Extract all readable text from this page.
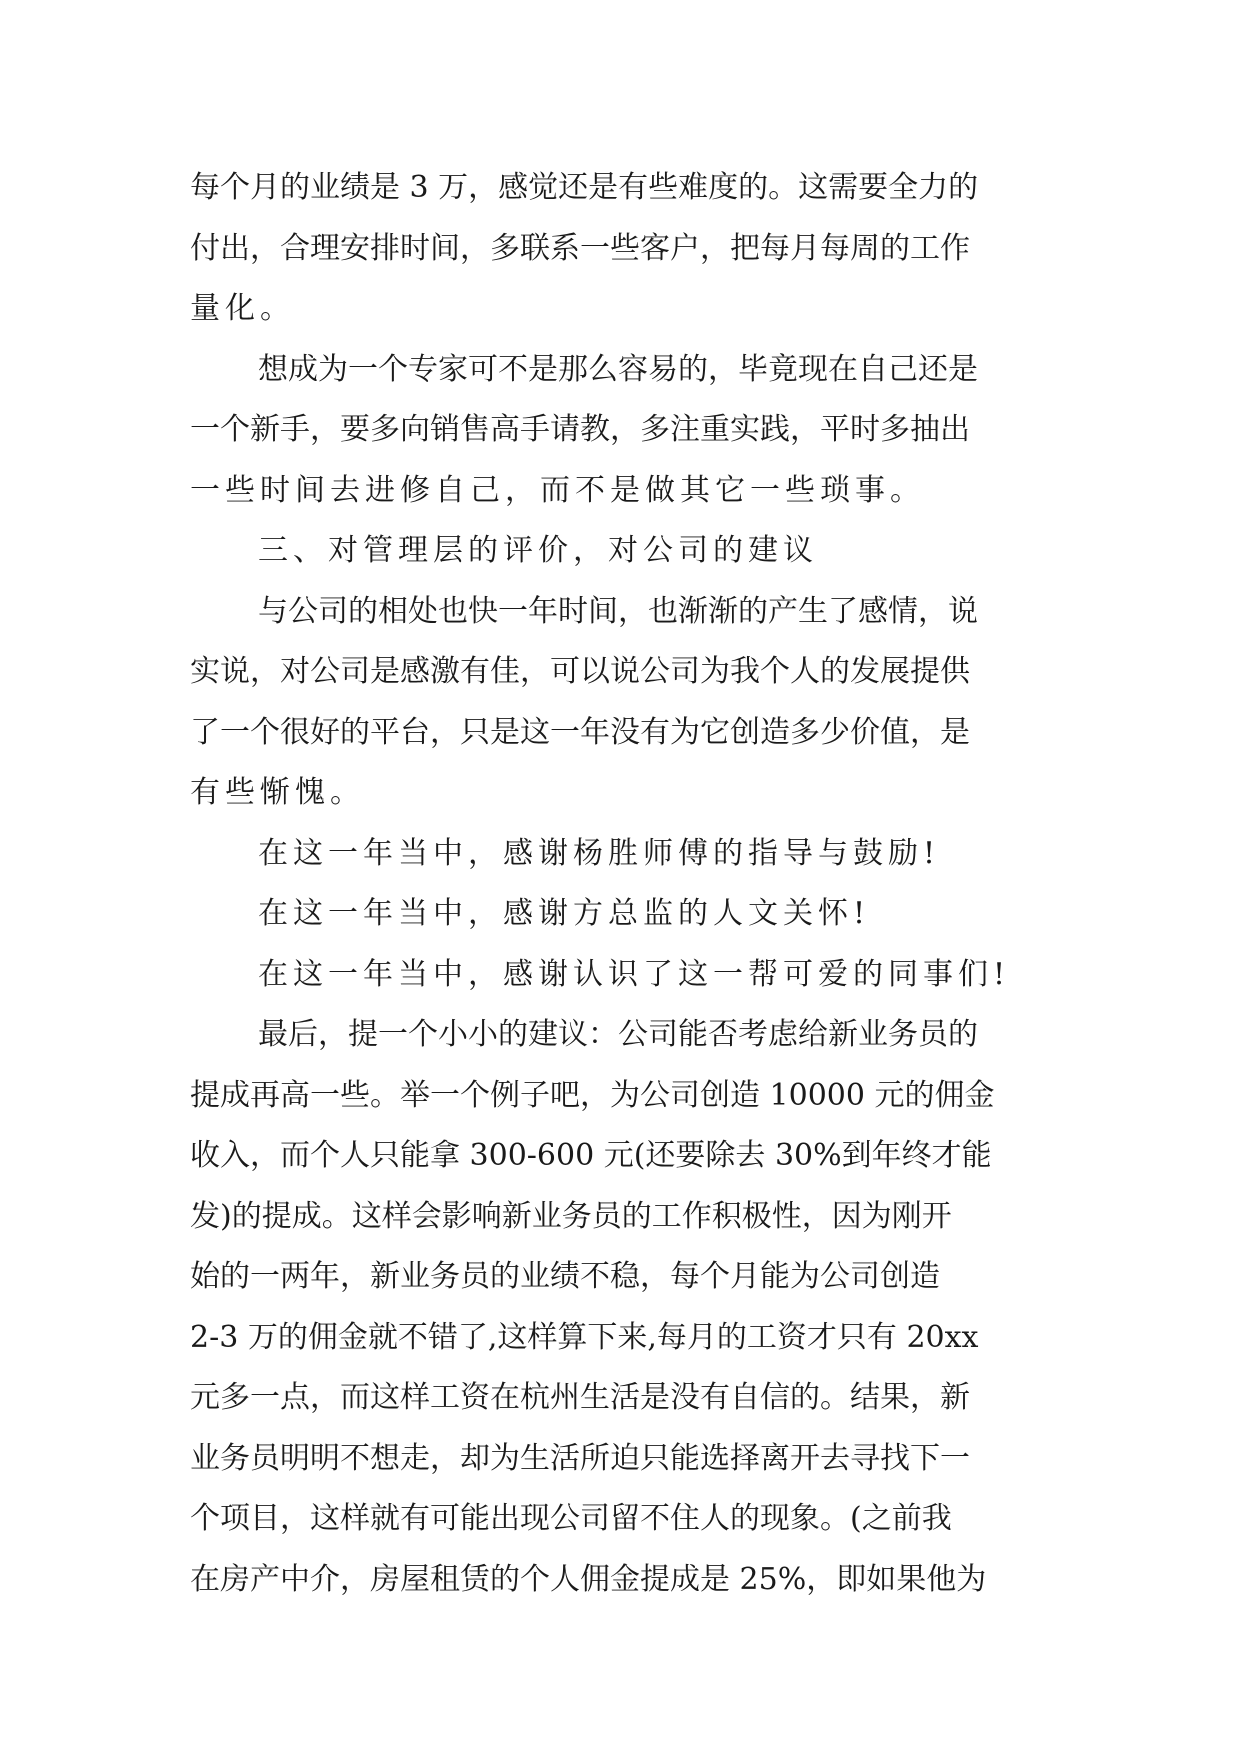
每个月的业绩是 3 万，感觉还是有些难度的。这需要全力的
付出，合理安排时间，多联系一些客户，把每月每周的工作
量化。
想成为一个专家可不是那么容易的，毕竟现在自己还是
一个新手，要多向销售高手请教，多注重实践，平时多抽出
一些时间去进修自己，而不是做其它一些琐事。
三、对管理层的评价，对公司的建议
与公司的相处也快一年时间，也渐渐的产生了感情，说
实说，对公司是感激有佳，可以说公司为我个人的发展提供
了一个很好的平台，只是这一年没有为它创造多少价值，是
有些惭愧。
在这一年当中，感谢杨胜师傅的指导与鼓励!
在这一年当中，感谢方总监的人文关怀!
在这一年当中，感谢认识了这一帮可爱的同事们!
最后，提一个小小的建议：公司能否考虑给新业务员的
提成再高一些。举一个例子吧，为公司创造 10000 元的佣金
收入，而个人只能拿 300-600 元(还要除去 30%到年终才能
发)的提成。这样会影响新业务员的工作积极性，因为刚开
始的一两年，新业务员的业绩不稳，每个月能为公司创造
2-3 万的佣金就不错了,这样算下来,每月的工资才只有 20xx
元多一点，而这样工资在杭州生活是没有自信的。结果，新
业务员明明不想走，却为生活所迫只能选择离开去寻找下一
个项目，这样就有可能出现公司留不住人的现象。(之前我
在房产中介，房屋租赁的个人佣金提成是 25%，即如果他为
